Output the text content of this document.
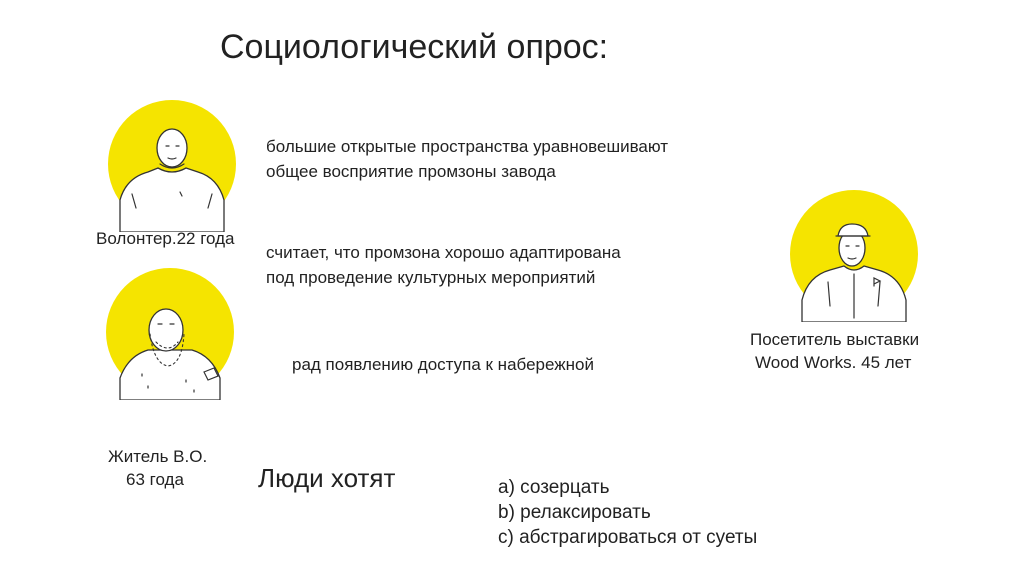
Социологический опрос:
Волонтер.22 года
большие открытые пространства уравновешивают
общее восприятие промзоны завода
считает, что промзона хорошо адаптирована
под проведение культурных мероприятий
рад появлению доступа к набережной
Житель В.О.
63 года
Посетитель выставки
Wood Works. 45 лет
Люди хотят	a) созерцать
b) релаксировать
c) абстрагироваться от суеты
